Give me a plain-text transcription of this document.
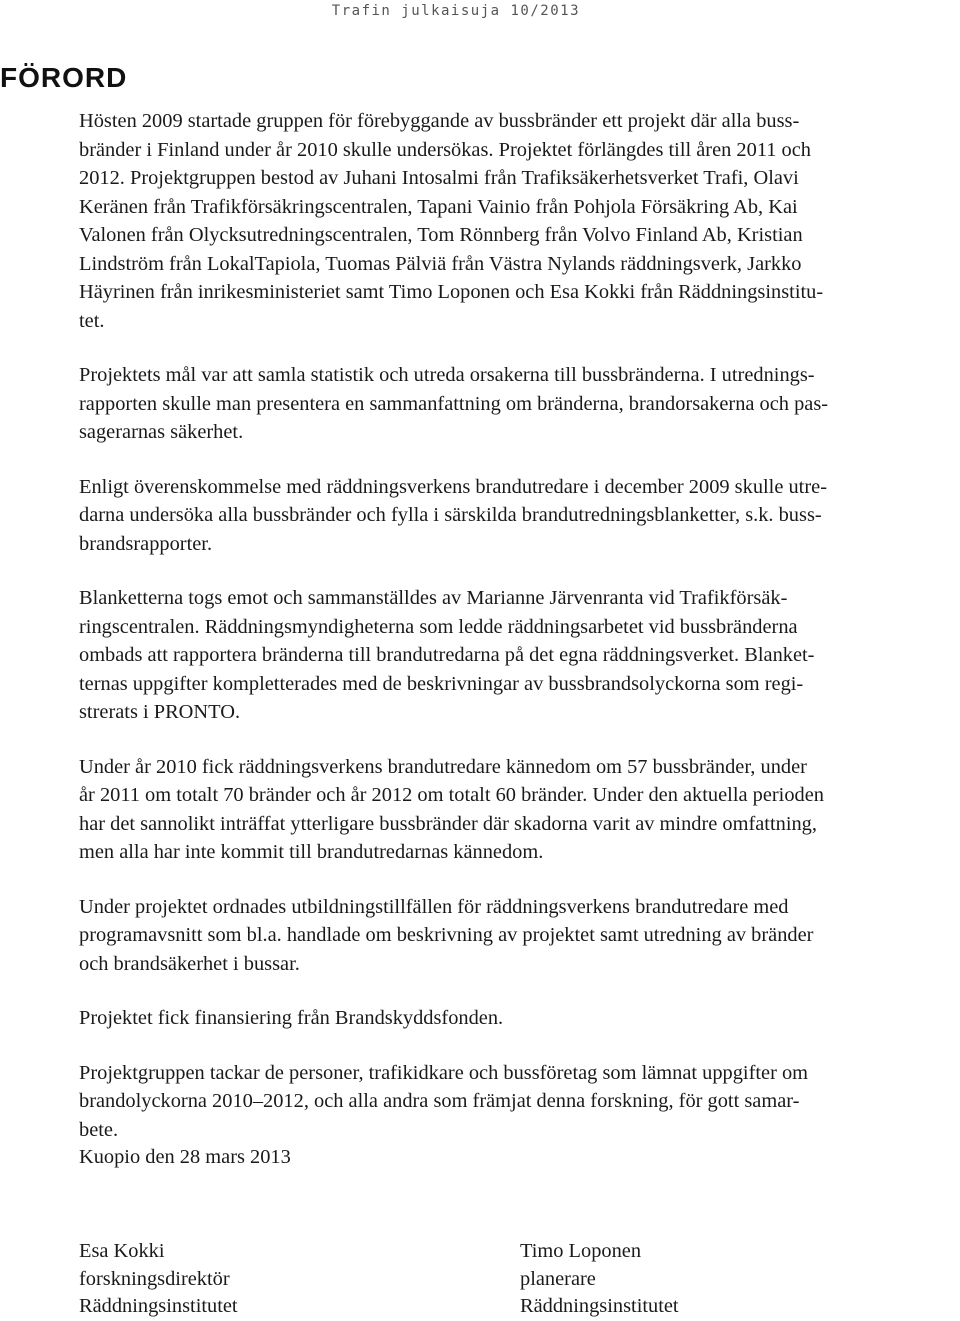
Trafin julkaisuja 10/2013
FÖRORD

Hösten 2009 startade gruppen för förebyggande av bussbränder ett projekt där alla buss-
bränder i Finland under år 2010 skulle undersökas. Projektet förlängdes till åren 2011 och
2012. Projektgruppen bestod av Juhani Intosalmi från Trafiksäkerhetsverket Trafi, Olavi
Keränen från Trafikförsäkringscentralen, Tapani Vainio från Pohjola Försäkring Ab, Kai
Valonen från Olycksutredningscentralen, Tom Rönnberg från Volvo Finland Ab, Kristian
Lindström från LokalTapiola, Tuomas Pälviä från Västra Nylands räddningsverk, Jarkko
Häyrinen från inrikesministeriet samt Timo Loponen och Esa Kokki från Räddningsinstitu-
tet.

Projektets mål var att samla statistik och utreda orsakerna till bussbränderna. I utrednings-
rapporten skulle man presentera en sammanfattning om bränderna, brandorsakerna och pas-
sagerarnas säkerhet.

Enligt överenskommelse med räddningsverkens brandutredare i december 2009 skulle utre-
darna undersöka alla bussbränder och fylla i särskilda brandutredningsblanketter, s.k. buss-
brandsrapporter.

Blanketterna togs emot och sammanställdes av Marianne Järvenranta vid Trafikförsäk-
ringscentralen. Räddningsmyndigheterna som ledde räddningsarbetet vid bussbränderna
ombads att rapportera bränderna till brandutredarna på det egna räddningsverket. Blanket-
ternas uppgifter kompletterades med de beskrivningar av bussbrandsolyckorna som regi-
strerats i PRONTO.

Under år 2010 fick räddningsverkens brandutredare kännedom om 57 bussbränder, under
år 2011 om totalt 70 bränder och år 2012 om totalt 60 bränder. Under den aktuella perioden
har det sannolikt inträffat ytterligare bussbränder där skadorna varit av mindre omfattning,
men alla har inte kommit till brandutredarnas kännedom.

Under projektet ordnades utbildningstillfällen för räddningsverkens brandutredare med
programavsnitt som bl.a. handlade om beskrivning av projektet samt utredning av bränder
och brandsäkerhet i bussar.

Projektet fick finansiering från Brandskyddsfonden.

Projektgruppen tackar de personer, trafikidkare och bussföretag som lämnat uppgifter om
brandolyckorna 2010–2012, och alla andra som främjat denna forskning, för gott samar-
bete.

Kuopio den 28 mars 2013

Esa Kokki
forskningsdirektör
Räddningsinstitutet
Timo Loponen
planerare
Räddningsinstitutet
